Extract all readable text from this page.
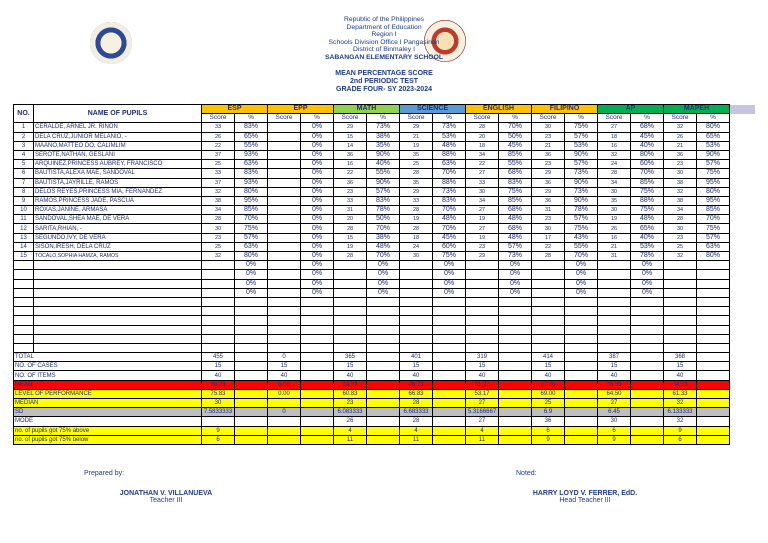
Republic of the Philippines
Department of Education
Region I
Schools Division Office I Pangasinan
District of Binmaley I
SABANGAN ELEMENTARY SCHOOL
MEAN PERCENTAGE SCORE
2nd PERIODIC TEST
GRADE FOUR- SY 2023-2024
NO.	NAME OF PUPILS	ESP		EPP		MATH		SCIENCE		ENGLISH		FILIPINO		AP		MAPEH		
		Score	%	Score	%	Score	%	Score	%	Score	%	Score	%	Score	%	Score	%	
1	CERALDE, ARNEL JR. RINON	33	83%		0%	29	73%	29	73%	28	70%	30	75%	27	68%	32	80%	
2	DELA CRUZ,JUNIOR MELANIO, -	26	65%		0%	15	38%	21	53%	20	50%	23	57%	18	45%	26	65%	
3	MAANO,MATTEO DO, CALIMLIM	22	55%		0%	14	35%	19	48%	18	45%	21	53%	16	40%	21	53%	
4	SEROTE,NATHAN, GESLANI	37	93%		0%	36	90%	35	88%	34	85%	36	90%	32	80%	36	90%	
5	ARQUINEZ,PRINCESS AUBREY, FRANCISCO	25	63%		0%	16	40%	25	63%	22	55%	23	57%	24	60%	23	57%	
6	BAUTISTA,ALEXA MAE, SANDOVAL	33	83%		0%	22	55%	28	70%	27	68%	29	73%	28	70%	30	75%	
7	BAUTISTA,JAYRILLE, RAMOS	37	93%		0%	36	90%	35	88%	33	83%	36	90%	34	85%	38	95%	
8	DELOS REYES,PRINCESS MIA, FERNANDEZ	32	80%		0%	23	57%	29	73%	30	75%	29	73%	30	75%	32	80%	
9	RAMOS,PRINCESS JADE, PASCUA	38	95%		0%	33	83%	33	83%	34	85%	36	90%	35	88%	38	95%	
10	ROXAS,JANINE, ARMASA	34	85%		0%	31	78%	28	70%	27	68%	31	78%	30	75%	34	85%	
11	SANDOVAL,SHEA MAE, DE VERA	28	70%		0%	20	50%	19	48%	19	48%	23	57%	19	48%	28	70%	
12	SARITA,RHIAN, -	30	75%		0%	28	70%	28	70%	27	68%	30	75%	26	65%	30	75%	
13	SEGUNDO,IVY, DE VERA	23	57%		0%	15	38%	18	45%	19	48%	17	43%	16	40%	23	57%	
14	SISON,IRESH, DELA CRUZ	25	63%		0%	19	48%	24	60%	23	57%	22	55%	21	53%	25	63%	
15	TOCALO,SOPHIA HAMZA, RAMOS	32	80%		0%	28	70%	30	75%	29	73%	28	70%	31	78%	32	80%	
			0%		0%		0%		0%		0%		0%		0%			
			0%		0%		0%		0%		0%		0%		0%			
			0%		0%		0%		0%		0%		0%		0%			
			0%		0%		0%		0%		0%		0%		0%			

TOTAL		455		0		365		401		319		414		387		368		
NO. OF CASES		15		15		15		15		15		15		15		15		
NO. OF ITEMS		40		40		40		40		40		40		40		40		
MEAN		30.33		0.00		24.33		26.73		21.27		27.60		25.80		24.53		
LEVEL OF PERFORMANCE		75.83		0.00		60.83		66.83		53.17		69.00		64.50		61.33		
MEDIAN		30				23		28		27		25		27		32		
SD		7.5833333		0		6.083333		6.683333		5.3166667		6.9		6.45		6.133333		
MODE						26		28		27		36		30		32		
no. of pupils got 75% above		9				4		4		4		6		6		9		
no. of pupils got 75% below		6				11		11		11		9		9		6		
Prepared by:
JONATHAN V. VILLANUEVA
Teacher III
Noted:
HARRY LOYD V. FERRER, EdD.
Head Teacher III
